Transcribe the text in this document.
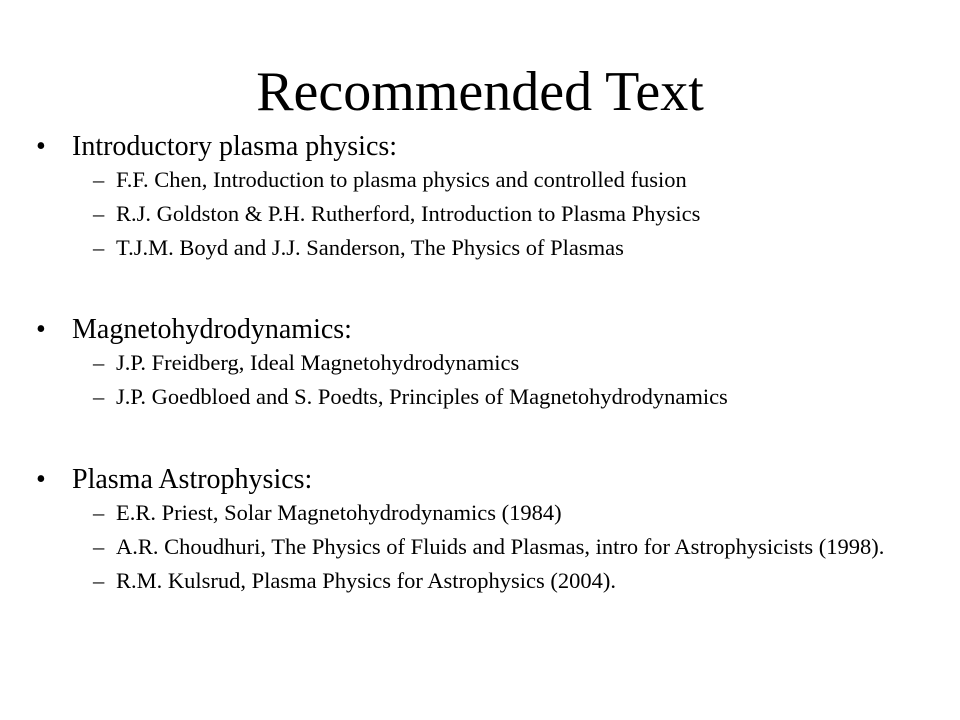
Recommended Text
• Introductory plasma physics:
– F.F. Chen, Introduction to plasma physics and controlled fusion
– R.J. Goldston & P.H. Rutherford, Introduction to Plasma Physics
– T.J.M. Boyd and J.J. Sanderson, The Physics of Plasmas
• Magnetohydrodynamics:
– J.P. Freidberg, Ideal Magnetohydrodynamics
– J.P. Goedbloed and S. Poedts, Principles of Magnetohydrodynamics
• Plasma Astrophysics:
– E.R. Priest, Solar Magnetohydrodynamics (1984)
– A.R. Choudhuri, The Physics of Fluids and Plasmas, intro for Astrophysicists (1998).
– R.M. Kulsrud, Plasma Physics for Astrophysics (2004).
